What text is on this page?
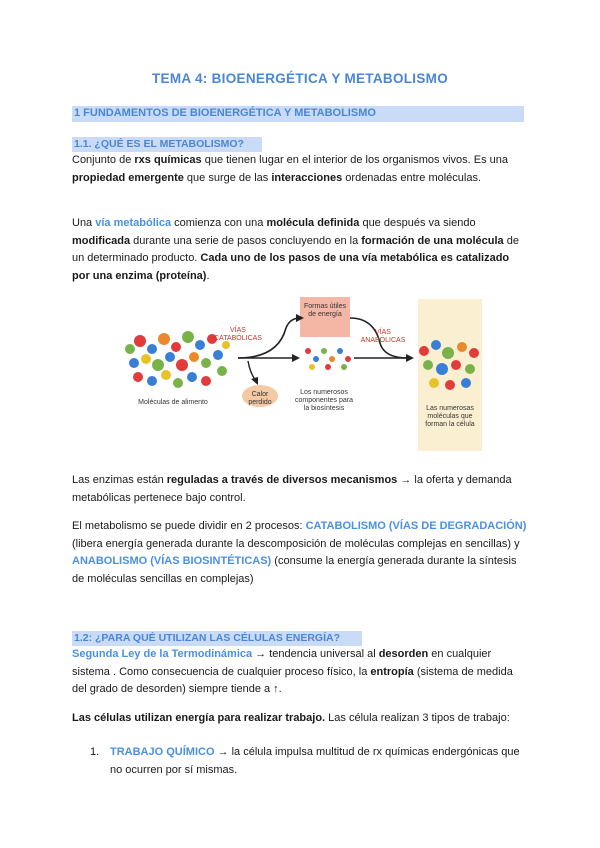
TEMA 4: BIOENERGÉTICA Y METABOLISMO
1 FUNDAMENTOS DE BIOENERGÉTICA Y METABOLISMO
1.1. ¿QUÉ ES EL METABOLISMO?
Conjunto de rxs químicas que tienen lugar en el interior de los organismos vivos. Es una propiedad emergente que surge de las interacciones ordenadas entre moléculas.
Una vía metabólica comienza con una molécula definida que después va siendo modificada durante una serie de pasos concluyendo en la formación de una molécula de un determinado producto. Cada uno de los pasos de una vía metabólica es catalizado por una enzima (proteína).
Formas útiles de energía
VÍAS CATABÓLICAS
VÍAS ANABÓLICAS
Moléculas de alimento
Calor perdido
Los numerosos componentes para la biosíntesis	Las numerosas moléculas que forman la célula
Las enzimas están reguladas a través de diversos mecanismos → la oferta y demanda metabólicas pertenece bajo control.
El metabolismo se puede dividir en 2 procesos: CATABOLISMO (VÍAS DE DEGRADACIÓN) (libera energía generada durante la descomposición de moléculas complejas en sencillas) y ANABOLISMO (VÍAS BIOSINTÉTICAS) (consume la energía generada durante la síntesis de moléculas sencillas en complejas)
1.2: ¿PARA QUÉ UTILIZAN LAS CÉLULAS ENERGÍA?
Segunda Ley de la Termodinámica → tendencia universal al desorden en cualquier sistema . Como consecuencia de cualquier proceso físico, la entropía (sistema de medida del grado de desorden) siempre tiende a ↑.
Las células utilizan energía para realizar trabajo. Las célula realizan 3 tipos de trabajo:
1. TRABAJO QUÍMICO → la célula impulsa multitud de rx químicas endergónicas que no ocurren por sí mismas.
